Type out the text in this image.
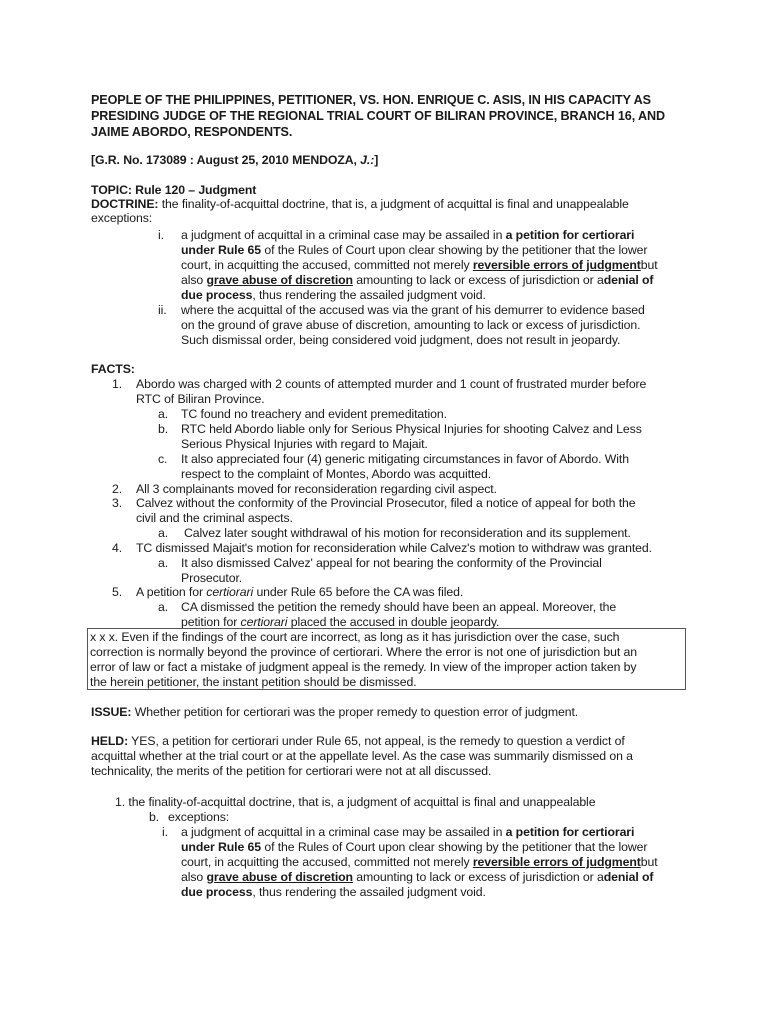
PEOPLE OF THE PHILIPPINES, PETITIONER, VS. HON. ENRIQUE C. ASIS, IN HIS CAPACITY AS
PRESIDING JUDGE OF THE REGIONAL TRIAL COURT OF BILIRAN PROVINCE, BRANCH 16, AND
JAIME ABORDO, RESPONDENTS.
[G.R. No. 173089 : August 25, 2010 MENDOZA, J.:]
TOPIC: Rule 120 – Judgment
DOCTRINE: the finality-of-acquittal doctrine, that is, a judgment of acquittal is final and unappealable
exceptions:
i. a judgment of acquittal in a criminal case may be assailed in a petition for certiorari
under Rule 65 of the Rules of Court upon clear showing by the petitioner that the lower
court, in acquitting the accused, committed not merely reversible errors of judgmentbut
also grave abuse of discretion amounting to lack or excess of jurisdiction or adenial of
due process, thus rendering the assailed judgment void.
ii. where the acquittal of the accused was via the grant of his demurrer to evidence based
on the ground of grave abuse of discretion, amounting to lack or excess of jurisdiction.
Such dismissal order, being considered void judgment, does not result in jeopardy.
FACTS:
1. Abordo was charged with 2 counts of attempted murder and 1 count of frustrated murder before
RTC of Biliran Province.
a. TC found no treachery and evident premeditation.
b. RTC held Abordo liable only for Serious Physical Injuries for shooting Calvez and Less
Serious Physical Injuries with regard to Majait.
c. It also appreciated four (4) generic mitigating circumstances in favor of Abordo. With
respect to the complaint of Montes, Abordo was acquitted.
2. All 3 complainants moved for reconsideration regarding civil aspect.
3. Calvez without the conformity of the Provincial Prosecutor, filed a notice of appeal for both the
civil and the criminal aspects.
a. Calvez later sought withdrawal of his motion for reconsideration and its supplement.
4. TC dismissed Majait's motion for reconsideration while Calvez's motion to withdraw was granted.
a. It also dismissed Calvez' appeal for not bearing the conformity of the Provincial
Prosecutor.
5. A petition for certiorari under Rule 65 before the CA was filed.
a. CA dismissed the petition the remedy should have been an appeal. Moreover, the
petition for certiorari placed the accused in double jeopardy.
x x x. Even if the findings of the court are incorrect, as long as it has jurisdiction over the case, such
correction is normally beyond the province of certiorari. Where the error is not one of jurisdiction but an
error of law or fact a mistake of judgment appeal is the remedy. In view of the improper action taken by
the herein petitioner, the instant petition should be dismissed.
ISSUE: Whether petition for certiorari was the proper remedy to question error of judgment.
HELD: YES, a petition for certiorari under Rule 65, not appeal, is the remedy to question a verdict of
acquittal whether at the trial court or at the appellate level. As the case was summarily dismissed on a
technicality, the merits of the petition for certiorari were not at all discussed.
1. the finality-of-acquittal doctrine, that is, a judgment of acquittal is final and unappealable
b. exceptions:
i. a judgment of acquittal in a criminal case may be assailed in a petition for certiorari
under Rule 65 of the Rules of Court upon clear showing by the petitioner that the lower
court, in acquitting the accused, committed not merely reversible errors of judgmentbut
also grave abuse of discretion amounting to lack or excess of jurisdiction or adenial of
due process, thus rendering the assailed judgment void.
